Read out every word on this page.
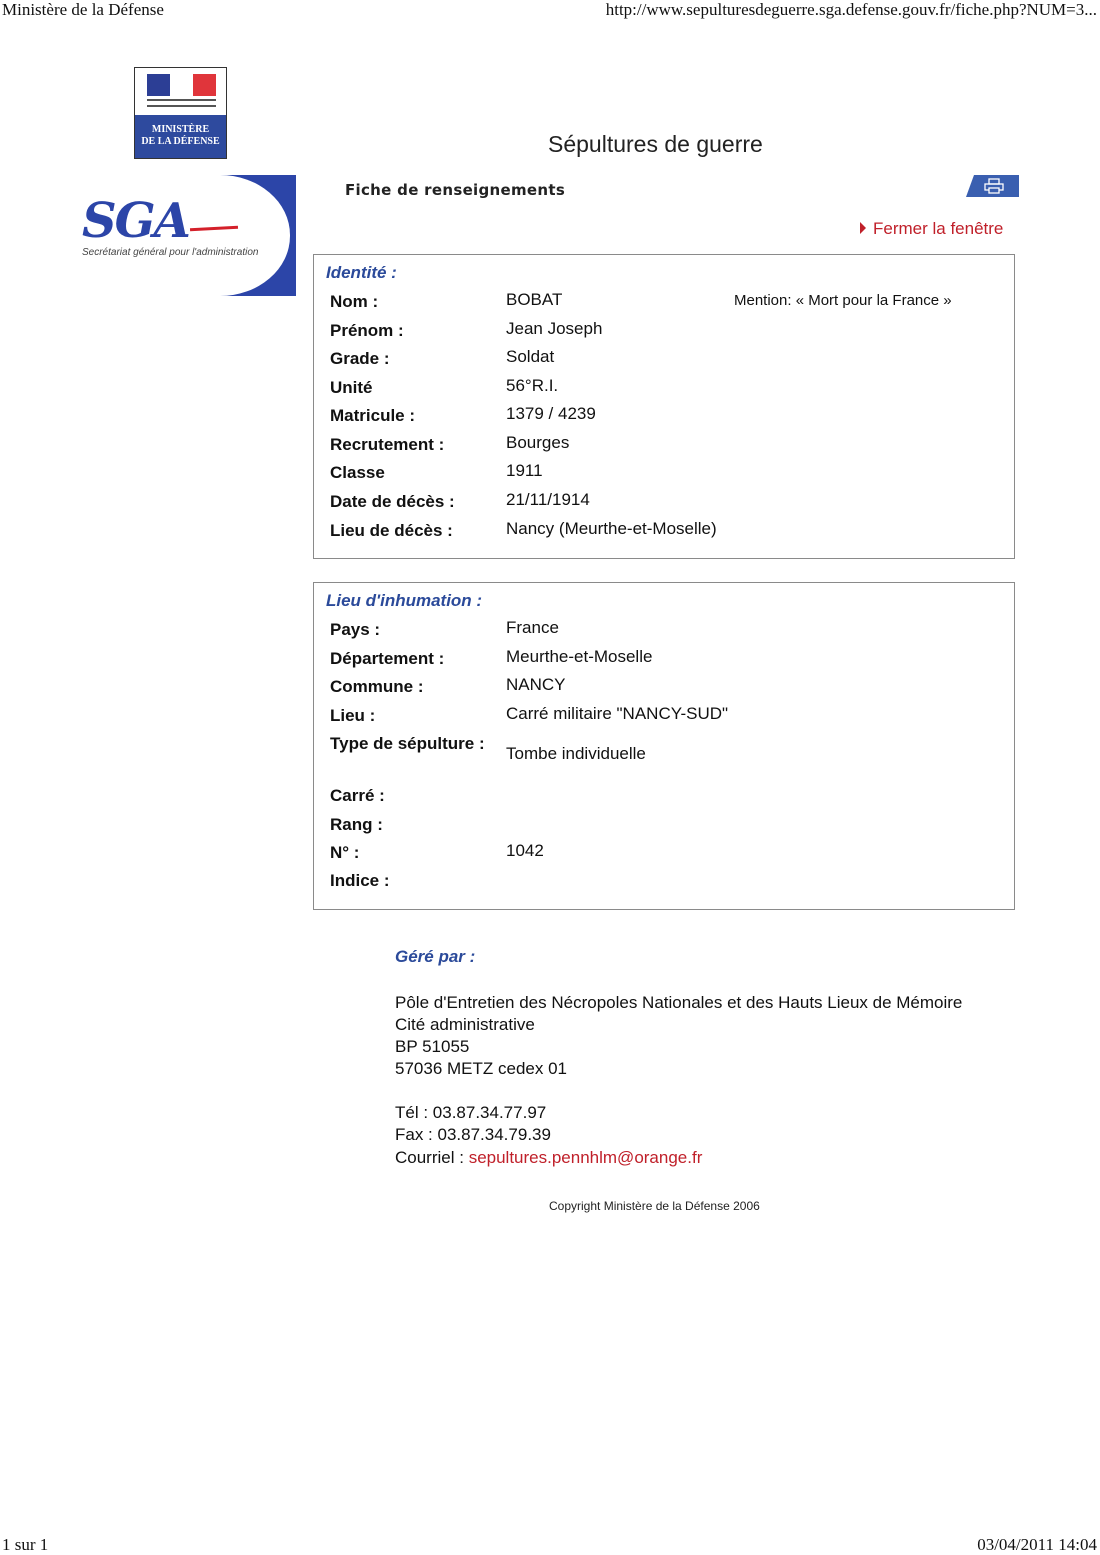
Ministère de la Défense	http://www.sepulturesdeguerre.sga.defense.gouv.fr/fiche.php?NUM=3...
MINISTÈRE
DE LA DÉFENSE
SGA
Secrétariat général pour l'administration
Sépultures de guerre
Fiche de renseignements
Fermer la fenêtre
Identité :
Mention: « Mort pour la France »
Nom :	BOBAT
Prénom :	Jean Joseph
Grade :	Soldat
Unité	56°R.I.
Matricule :	1379 / 4239
Recrutement :	Bourges
Classe	1911
Date de décès :	21/11/1914
Lieu de décès :	Nancy (Meurthe-et-Moselle)
Lieu d'inhumation :
Pays :	France
Département :	Meurthe-et-Moselle
Commune :	NANCY
Lieu :	Carré militaire "NANCY-SUD"
Type de sépulture :
Tombe individuelle
Carré :
Rang :
N° :	1042
Indice :
Géré par :
Pôle d'Entretien des Nécropoles Nationales et des Hauts Lieux de Mémoire
Cité administrative
BP 51055
57036 METZ cedex 01
Tél : 03.87.34.77.97
Fax : 03.87.34.79.39
Courriel : sepultures.pennhlm@orange.fr
Copyright Ministère de la Défense 2006
1 sur 1	03/04/2011 14:04
